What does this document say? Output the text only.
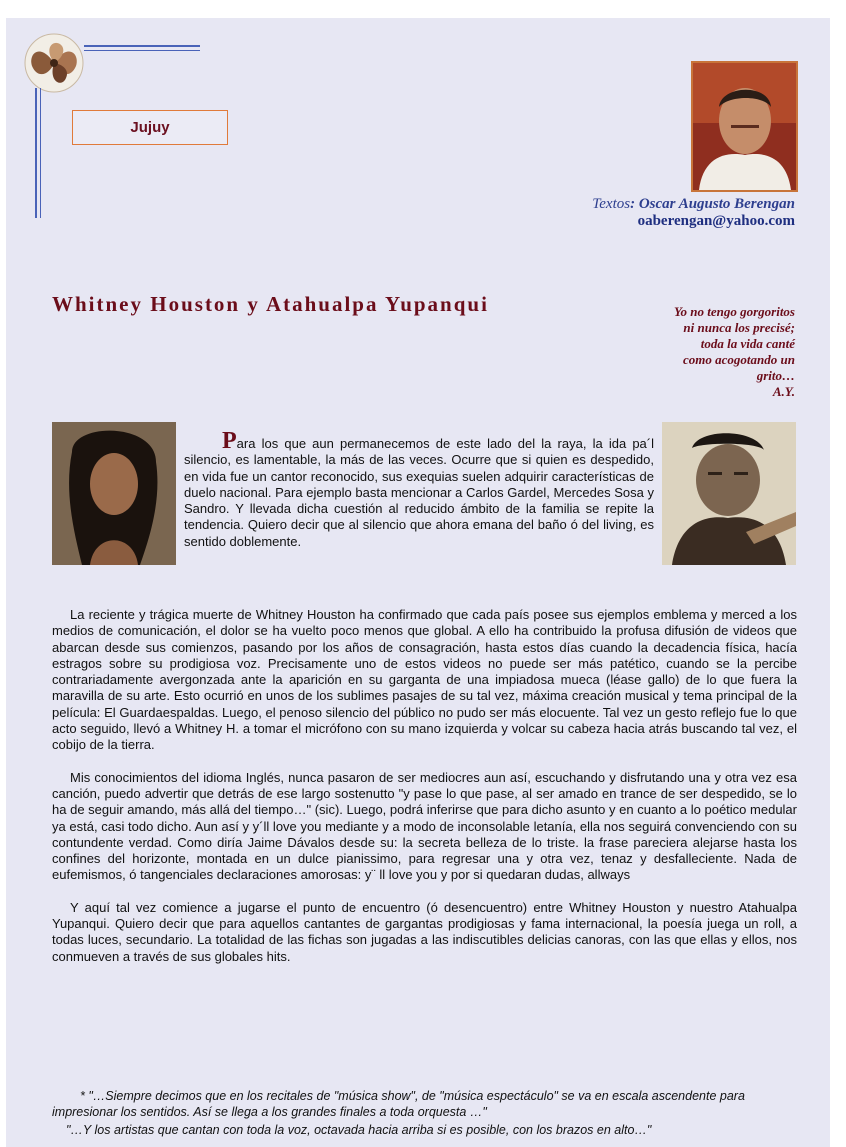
Jujuy
Textos: Oscar Augusto Berengan
oaberengan@yahoo.com
Whitney Houston y Atahualpa Yupanqui	Yo no tengo gorgoritos
ni nunca los precisé;
toda la vida canté
como acogotando un
grito…
A.Y.

Para los que aun permanecemos de este lado del la raya, la ida pa´l silencio, es lamentable, la más de las veces. Ocurre que si quien es despedido, en vida fue un cantor reconocido, sus exequias suelen adquirir características de duelo nacional. Para ejemplo basta mencionar a Carlos Gardel, Mercedes Sosa y Sandro. Y llevada dicha cuestión al reducido ámbito de la familia se repite la tendencia. Quiero decir que al silencio que ahora emana del baño ó del living, es sentido doblemente.

La reciente y trágica muerte de Whitney Houston ha confirmado que cada país posee sus ejemplos emblema y merced a los medios de comunicación, el dolor se ha vuelto poco menos que global. A ello ha contribuido la profusa difusión de videos que abarcan desde sus comienzos, pasando por los años de consagración, hasta estos días cuando la decadencia física, hacía estragos sobre su prodigiosa voz. Precisamente uno de estos videos no puede ser más patético, cuando se la percibe contrariadamente avergonzada ante la aparición en su garganta de una impiadosa mueca (léase gallo) de lo que fuera la maravilla de su arte. Esto ocurrió en unos de los sublimes pasajes de su tal vez, máxima creación musical y tema principal de la película: El Guardaespaldas. Luego, el penoso silencio del público no pudo ser más elocuente. Tal vez un gesto reflejo fue lo que acto seguido, llevó a Whitney H. a tomar el micrófono con su mano izquierda y volcar su cabeza hacia atrás buscando tal vez, el cobijo de la tierra.

Mis conocimientos del idioma Inglés, nunca pasaron de ser mediocres aun así, escuchando y disfrutando una y otra vez esa canción, puedo advertir que detrás de ese largo sostenutto "y pase lo que pase, al ser amado en trance de ser despedido, se lo ha de seguir amando, más allá del tiempo…" (sic). Luego, podrá inferirse que para dicho asunto y en cuanto a lo poético medular ya está, casi todo dicho. Aun así y y´ll love you mediante y a modo de inconsolable letanía, ella nos seguirá convenciendo con su contundente verdad. Como diría Jaime Dávalos desde su: la secreta belleza de lo triste. la frase pareciera alejarse hasta los confines del horizonte, montada en un dulce pianissimo, para regresar una y otra vez, tenaz y desfalleciente. Nada de eufemismos, ó tangenciales declaraciones amorosas: y¨ ll love you y por si quedaran dudas, allways

Y aquí tal vez comience a jugarse el punto de encuentro (ó desencuentro) entre Whitney Houston y nuestro Atahualpa Yupanqui. Quiero decir que para aquellos cantantes de gargantas prodigiosas y fama internacional, la poesía juega un roll, a todas luces, secundario. La totalidad de las fichas son jugadas a las indiscutibles delicias canoras, con las que ellas y ellos, nos conmueven a través de sus globales hits.

* "…Siempre decimos que en los recitales de "música show", de "música espectáculo" se va en escala ascendente para impresionar los sentidos. Así se llega a los grandes finales a toda orquesta …"
"…Y los artistas que cantan con toda la voz, octavada hacia arriba si es posible, con los brazos en alto…"
